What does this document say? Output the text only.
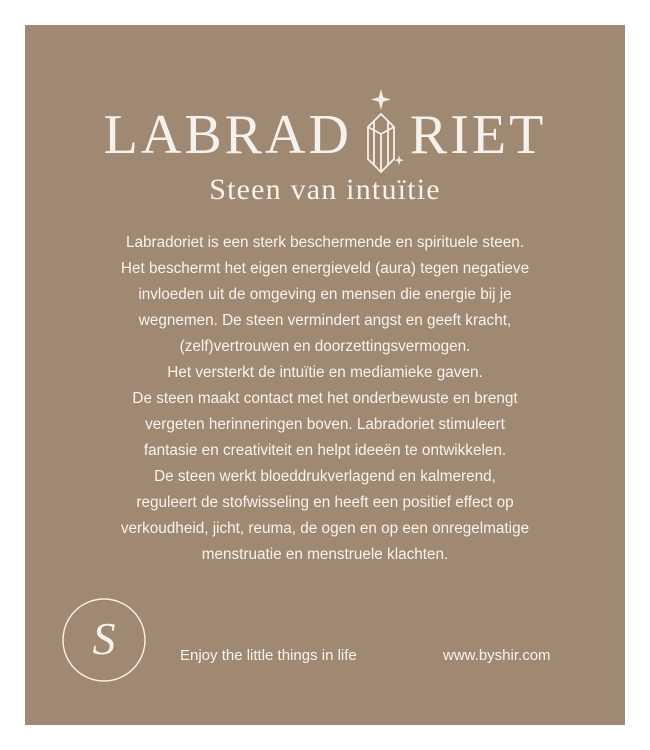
LABRAD RIET
Steen van intuïtie

Labradoriet is een sterk beschermende en spirituele steen.

Het beschermt het eigen energieveld (aura) tegen negatieve

invloeden uit de omgeving en mensen die energie bij je

wegnemen. De steen vermindert angst en geeft kracht,

(zelf)vertrouwen en doorzettingsvermogen.

Het versterkt de intuïtie en mediamieke gaven.

De steen maakt contact met het onderbewuste en brengt

vergeten herinneringen boven. Labradoriet stimuleert

fantasie en creativiteit en helpt ideeën te ontwikkelen.

De steen werkt bloeddrukverlagend en kalmerend,

reguleert de stofwisseling en heeft een positief effect op

verkoudheid, jicht, reuma, de ogen en op een onregelmatige

menstruatie en menstruele klachten.

S	Enjoy the little things in life	www.byshir.com
